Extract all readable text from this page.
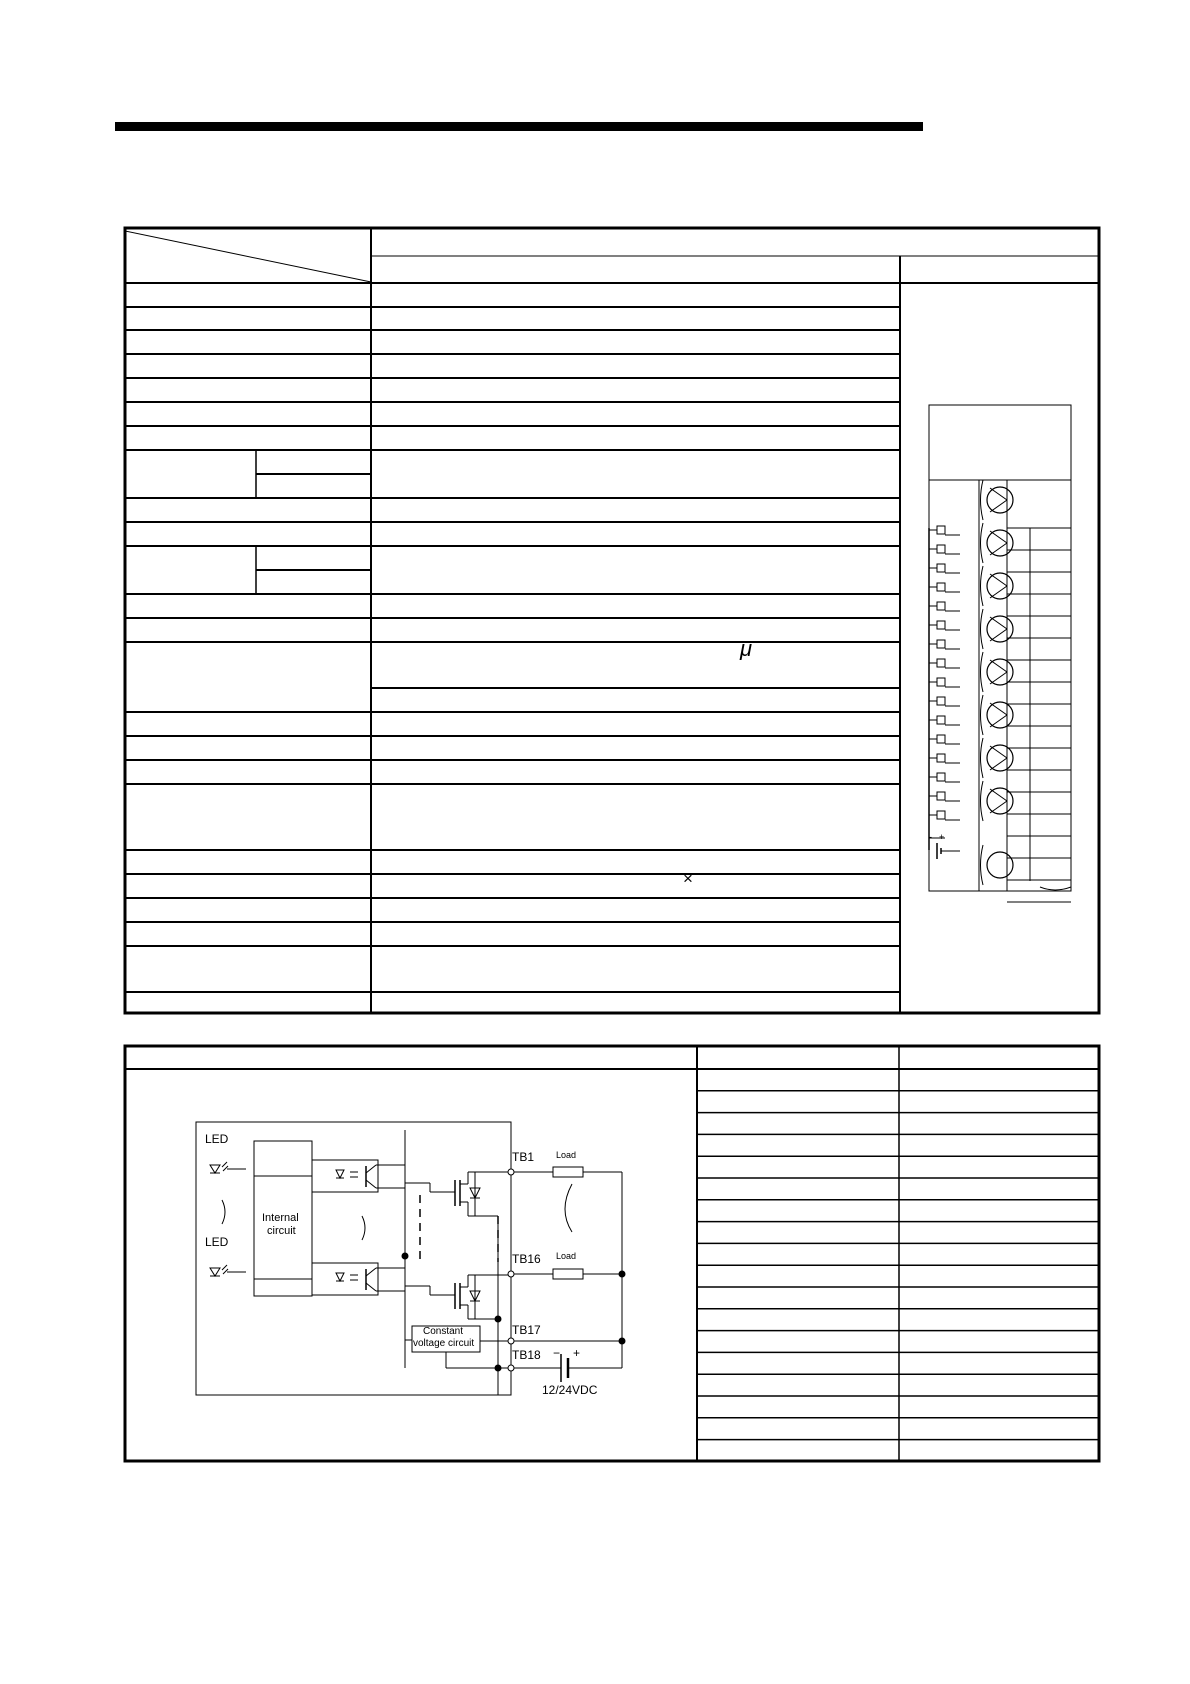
μ
×
LED
LED
Internal
circuit
TB1
TB16
TB17
TB18
Load
Load
Constant
voltage circuit
12/24VDC
− +
- +
